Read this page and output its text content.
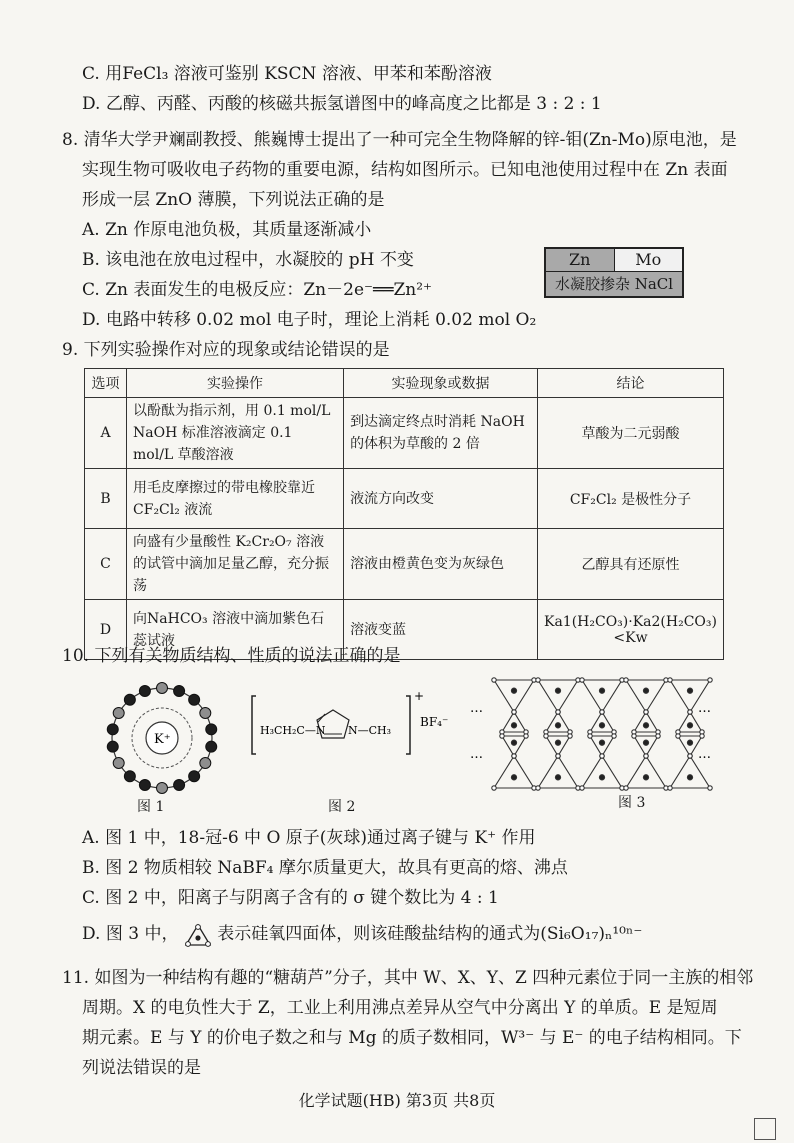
C. 用FeCl₃ 溶液可鉴别 KSCN 溶液、甲苯和苯酚溶液
D. 乙醇、丙醛、丙酸的核磁共振氢谱图中的峰高度之比都是 3 : 2 : 1
8. 清华大学尹斓副教授、熊巍博士提出了一种可完全生物降解的锌-钼(Zn-Mo)原电池，是
实现生物可吸收电子药物的重要电源，结构如图所示。已知电池使用过程中在 Zn 表面
形成一层 ZnO 薄膜，下列说法正确的是
A. Zn 作原电池负极，其质量逐渐减小
B. 该电池在放电过程中，水凝胶的 pH 不变
C. Zn 表面发生的电极反应：Zn－2e⁻══Zn²⁺
D. 电路中转移 0.02 mol 电子时，理论上消耗 0.02 mol O₂
Zn	Mo
水凝胶掺杂 NaCl
9. 下列实验操作对应的现象或结论错误的是
选项	实验操作	实验现象或数据	结论
A	以酚酞为指示剂，用 0.1 mol/L NaOH 标准溶液滴定 0.1 mol/L 草酸溶液	到达滴定终点时消耗 NaOH 的体积为草酸的 2 倍	草酸为二元弱酸
B	用毛皮摩擦过的带电橡胶靠近 CF₂Cl₂ 液流	液流方向改变	CF₂Cl₂ 是极性分子
C	向盛有少量酸性 K₂Cr₂O₇ 溶液的试管中滴加足量乙醇，充分振荡	溶液由橙黄色变为灰绿色	乙醇具有还原性
D	向NaHCO₃ 溶液中滴加紫色石蕊试液	溶液变蓝	Ka1(H₂CO₃)·Ka2(H₂CO₃)<Kw
10. 下列有关物质结构、性质的说法正确的是
K⁺
图 1
H₃CH₂C—N N—CH₃
+
BF₄⁻
图 2
…	…
…	…
图 3
A. 图 1 中，18-冠-6 中 O 原子(灰球)通过离子键与 K⁺ 作用
B. 图 2 物质相较 NaBF₄ 摩尔质量更大，故具有更高的熔、沸点
C. 图 2 中，阳离子与阴离子含有的 σ 键个数比为 4 : 1
D. 图 3 中， 表示硅氧四面体，则该硅酸盐结构的通式为(Si₆O₁₇)ₙ¹⁰ⁿ⁻
11. 如图为一种结构有趣的“糖葫芦”分子，其中 W、X、Y、Z 四种元素位于同一主族的相邻
周期。X 的电负性大于 Z，工业上利用沸点差异从空气中分离出 Y 的单质。E 是短周
期元素。E 与 Y 的价电子数之和与 Mg 的质子数相同，W³⁻ 与 E⁻ 的电子结构相同。下
列说法错误的是
化学试题(HB) 第3页 共8页
